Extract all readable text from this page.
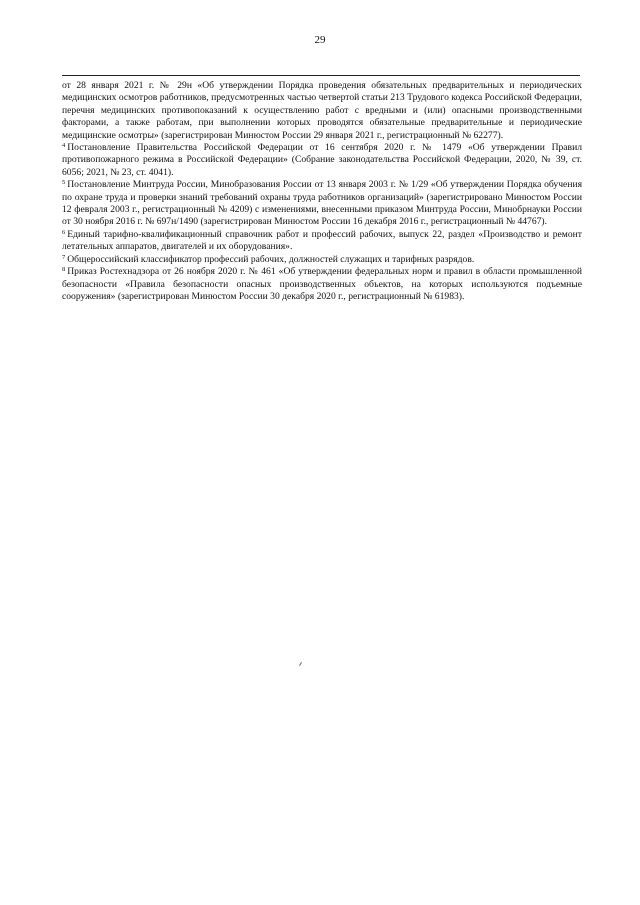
29

от 28 января 2021 г. № 29н «Об утверждении Порядка проведения обязательных предварительных и периодических медицинских осмотров работников, предусмотренных частью четвертой статьи 213 Трудового кодекса Российской Федерации, перечня медицинских противопоказаний к осуществлению работ с вредными и (или) опасными производственными факторами, а также работам, при выполнении которых проводятся обязательные предварительные и периодические медицинские осмотры» (зарегистрирован Минюстом России 29 января 2021 г., регистрационный № 62277).

$^4$ Постановление Правительства Российской Федерации от 16 сентября 2020 г. № 1479 «Об утверждении Правил противопожарного режима в Российской Федерации» (Собрание законодательства Российской Федерации, 2020, № 39, ст. 6056; 2021, № 23, ст. 4041).

$^5$ Постановление Минтруда России, Минобразования России от 13 января 2003 г. № 1/29 «Об утверждении Порядка обучения по охране труда и проверки знаний требований охраны труда работников организаций» (зарегистрировано Минюстом России 12 февраля 2003 г., регистрационный № 4209) с изменениями, внесенными приказом Минтруда России, Минобрнауки России от 30 ноября 2016 г. № 697н/1490 (зарегистрирован Минюстом России 16 декабря 2016 г., регистрационный № 44767).

$^6$ Единый тарифно-квалификационный справочник работ и профессий рабочих, выпуск 22, раздел «Производство и ремонт летательных аппаратов, двигателей и их оборудования».

$^7$ Общероссийский классификатор профессий рабочих, должностей служащих и тарифных разрядов.

$^8$ Приказ Ростехнадзора от 26 ноября 2020 г. № 461 «Об утверждении федеральных норм и правил в области промышленной безопасности «Правила безопасности опасных производственных объектов, на которых используются подъемные сооружения» (зарегистрирован Минюстом России 30 декабря 2020 г., регистрационный № 61983).
